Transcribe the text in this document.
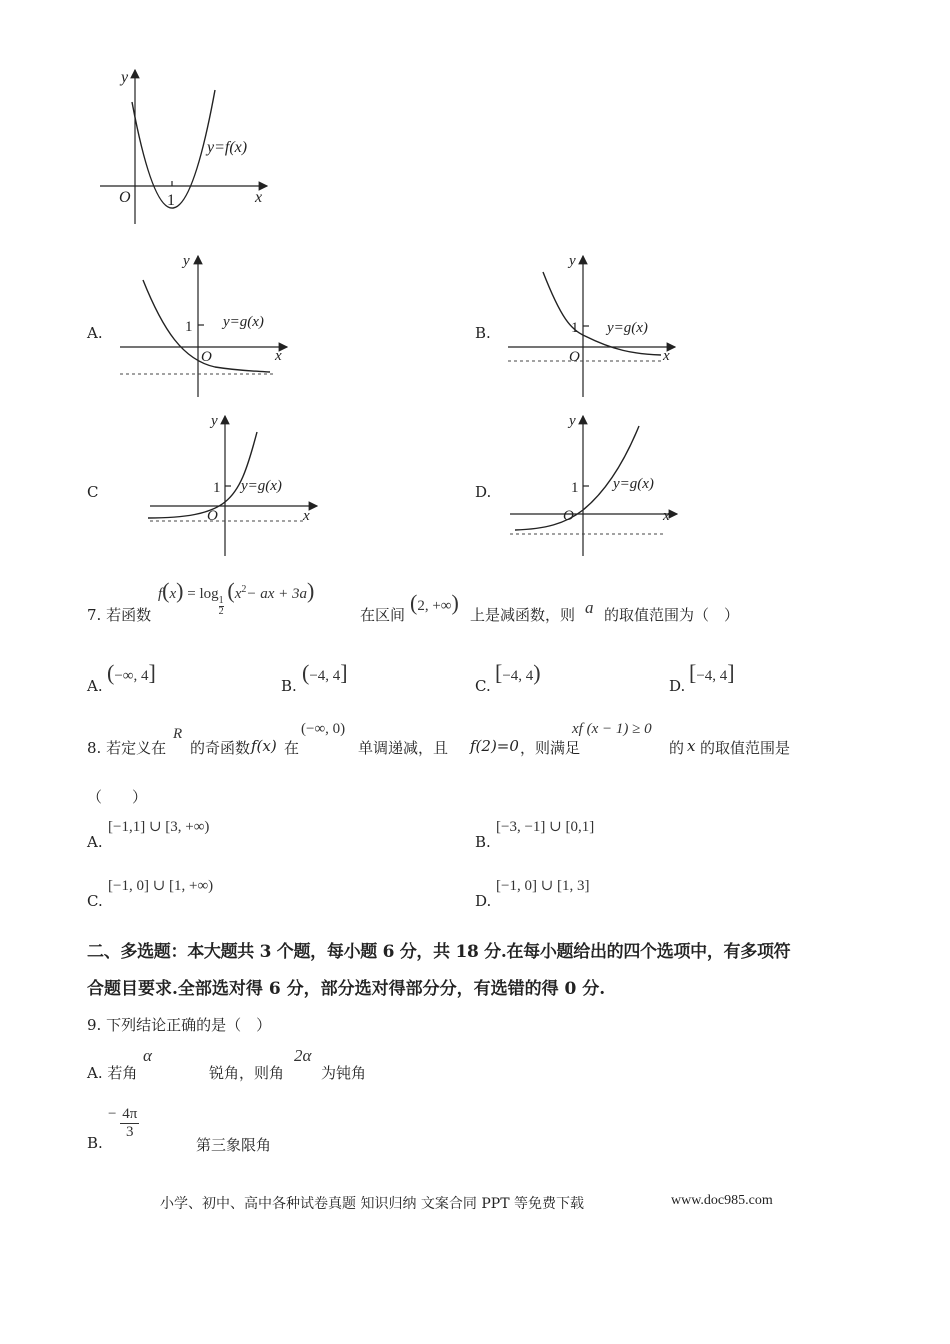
y
x
O 1
y=f(x)
A.
y
x
O
1 y=g(x)
B.
y
x
O
1 y=g(x)
C
y
x
O
1 y=g(x)	D.
y
x
O
1 y=g(x)
7. 若函数
f(x) = log
$\frac{1}{2}$
($x^2-$ ax + 3a)
在区间 (2, +∞) 上是减函数，则 a 的取值范围为（　）
A.
(−∞, 4]
B.
(−4, 4]
C.
[−4, 4)
D.
[−4, 4]
8. 若定义在
R
的奇函数 f(x) 在
(−∞, 0)
单调递减，且 f(2)=0 ，则满足
xf (x − 1) ≥ 0
的 x 的取值范围是
（　　）
A.
[−1,1] ∪ [3, +∞)
B.
[−3, −1] ∪ [0,1]
C.
[−1, 0] ∪ [1, +∞)
D.
[−1, 0] ∪ [1, 3]
二、多选题：本大题共 3 个题，每小题 6 分，共 18 分.在每小题给出的四个选项中，有多项符
合题目要求.全部选对得 6 分，部分选对得部分分，有选错的得 0 分.
9. 下列结论正确的是（　）
A. 若角
α
锐角，则角
2α
为钝角
B.
− $\frac{4\pi}{3}$
第三象限角
小学、初中、高中各种试卷真题 知识归纳 文案合同 PPT 等免费下载	www.doc985.com
